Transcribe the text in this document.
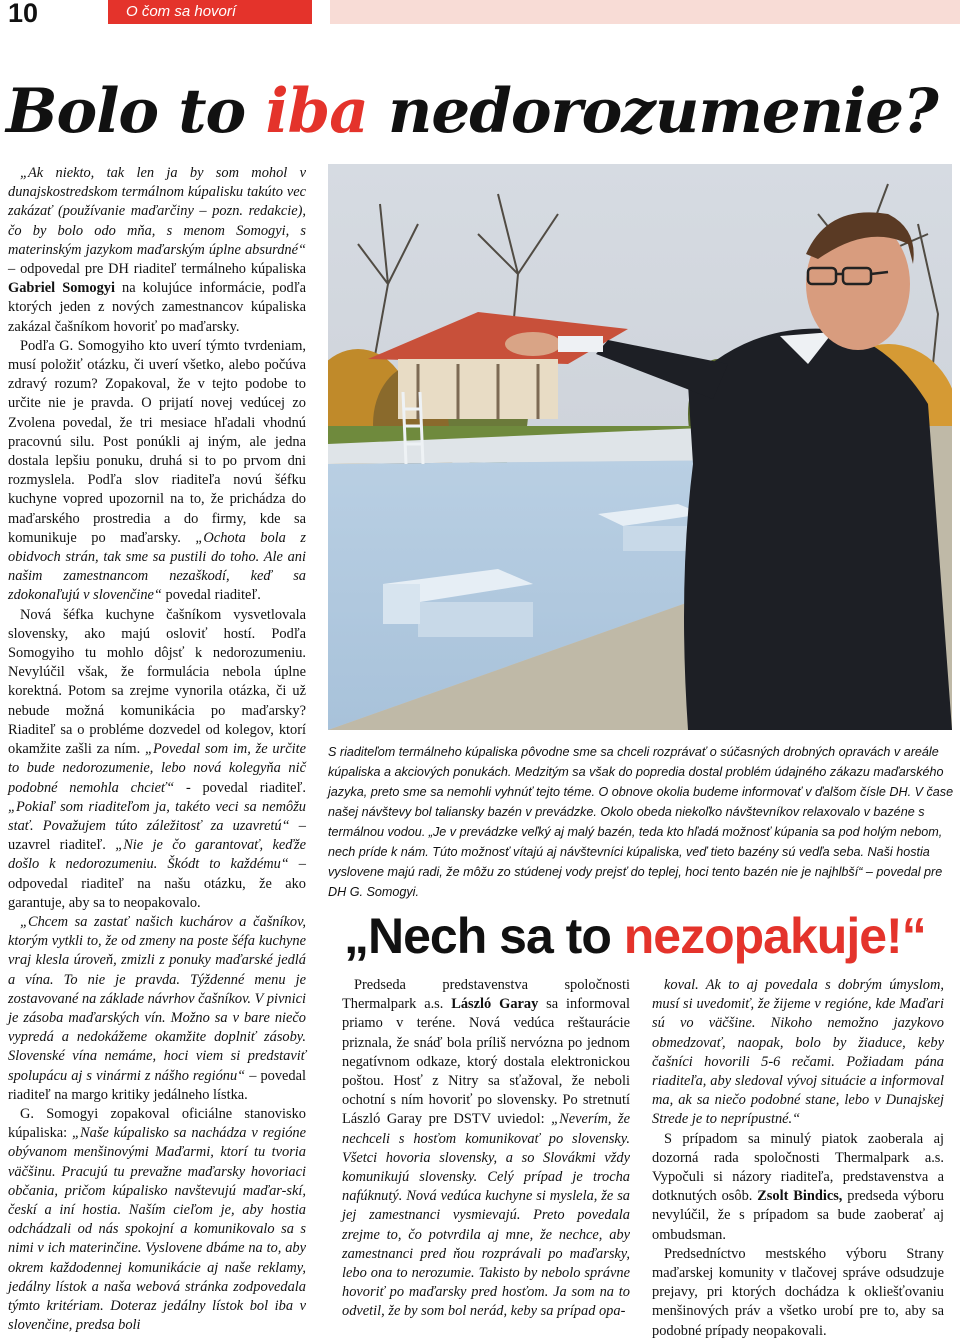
10	O čom sa hovorí
Bolo to iba nedorozumenie?

„Ak niekto, tak len ja by som mohol v dunajskostredskom termálnom kúpalisku takúto vec zakázať (používanie maďarčiny – pozn. redakcie), čo by bolo odo mňa, s menom Somogyi, s materinským jazykom maďarským úplne absurdné“ – odpovedal pre DH riaditeľ termálneho kúpaliska Gabriel Somogyi na kolujúce informácie, podľa ktorých jeden z nových zamestnancov kúpaliska zakázal čašníkom hovoriť po maďarsky.

Podľa G. Somogyiho kto uverí týmto tvrdeniam, musí položiť otázku, či uverí všetko, alebo počúva zdravý rozum? Zopakoval, že v tejto podobe to určite nie je pravda. O prijatí novej vedúcej zo Zvolena povedal, že tri mesiace hľadali vhodnú pracovnú silu. Post ponúkli aj iným, ale jedna dostala lepšiu ponuku, druhá si to po prvom dni rozmyslela. Podľa slov riaditeľa novú šéfku kuchyne vopred upozornil na to, že prichádza do maďarského prostredia a do firmy, kde sa komunikuje po maďarsky. „Ochota bola z obidvoch strán, tak sme sa pustili do toho. Ale ani našim zamestnancom nezaškodí, keď sa zdokonaľujú v slovenčine“ povedal riaditeľ.

Nová šéfka kuchyne čašníkom vysvetlovala slovensky, ako majú osloviť hostí. Podľa Somogyiho tu mohlo dôjsť k nedorozumeniu. Nevylúčil však, že formulácia nebola úplne korektná. Potom sa zrejme vynorila otázka, či už nebude možná komunikácia po maďarsky? Riaditeľ sa o probléme dozvedel od kolegov, ktorí okamžite zašli za ním. „Povedal som im, že určite to bude nedorozumenie, lebo nová kolegyňa nič podobné nemohla chcieť“ - povedal riaditeľ. „Pokiaľ som riaditeľom ja, takéto veci sa nemôžu stať. Považujem túto záležitosť za uzavretú“ – uzavrel riaditeľ. „Nie je čo garantovať, keďže došlo k nedorozumeniu. Škódt to každému“ – odpovedal riaditeľ na našu otázku, že ako garantuje, aby sa to neopakovalo.

„Chcem sa zastať našich kuchárov a čašníkov, ktorým vytkli to, že od zmeny na poste šéfa kuchyne vraj klesla úroveň, zmizli z ponuky maďarské jedlá a vína. To nie je pravda. Týždenné menu je zostavované na základe návrhov čašníkov. V pivnici je zásoba maďarských vín. Možno sa v bare niečo vypredá a nedokážeme okamžite doplniť zásoby. Slovenské vína nemáme, hoci viem si predstaviť spolupácu aj s vinármi z nášho regiónu“ – povedal riaditeľ na margo kritiky jedálneho lístka.

G. Somogyi zopakoval oficiálne stanovisko kúpaliska: „Naše kúpalisko sa nachádza v regióne obývanom menšinovými Maďarmi, ktorí tu tvoria väčšinu. Pracujú tu prevažne maďarsky hovoriaci občania, pričom kúpalisko navštevujú maďar-skí, českí a iní hostia. Naším cieľom je, aby hostia odchádzali od nás spokojní a komunikovalo sa s nimi v ich materinčine. Vyslovene dbáme na to, aby okrem každodennej komunikácie aj naše reklamy, jedálny lístok a naša webová stránka zodpovedala týmto kritériam. Doteraz jedálny lístok bol iba v slovenčine, predsa boli

S riaditeľom termálneho kúpaliska pôvodne sme sa chceli rozprávať o súčasných drobných opravách v areále kúpaliska a akciových ponukách. Medzitým sa však do popredia dostal problém údajného zákazu maďarského jazyka, preto sme sa nemohli vyhnúť tejto téme. O obnove okolia budeme informovať v ďalšom čísle DH. V čase našej návštevy bol taliansky bazén v prevádzke. Okolo obeda niekoľko návštevníkov relaxovalo v bazéne s termálnou vodou. „Je v prevádzke veľký aj malý bazén, teda kto hľadá možnosť kúpania sa pod holým nebom, nech príde k nám. Túto možnosť vítajú aj návštevníci kúpaliska, veď tieto bazény sú vedľa seba. Naši hostia vyslovene majú radi, že môžu zo stúdenej vody prejsť do teplej, hoci tento bazén nie je najhlbší“ – povedal pre DH G. Somogyi.
„Nech sa to nezopakuje!“

Predseda predstavenstva spoločnosti Thermalpark a.s. László Garay sa informoval priamo v teréne. Nová vedúca reštaurácie priznala, že snáď bola príliš nervózna po jednom negatívnom odkaze, ktorý dostala elektronickou poštou. Hosť z Nitry sa sťažoval, že neboli ochotní s ním hovoriť po slovensky. Po stretnutí László Garay pre DSTV uviedol: „Neverím, že nechceli s hosťom komunikovať po slovensky. Všetci hovoria slovensky, a so Slovákmi vždy komunikujú slovensky. Celý prípad je trocha nafúknutý. Nová vedúca kuchyne si myslela, že sa jej zamestnanci vysmievajú. Preto povedala zrejme to, čo potvrdila aj mne, že nechce, aby zamestnanci pred ňou rozprávali po maďarsky, lebo ona to nerozumie. Takisto by nebolo správne hovoriť po maďarsky pred hosťom. Ja som na to odvetil, že by som bol nerád, keby sa prípad opa-

koval. Ak to aj povedala s dobrým úmyslom, musí si uvedomiť, že žijeme v regióne, kde Maďari sú vo väčšine. Nikoho nemožno jazykovo obmedzovať, naopak, bolo by žiaduce, keby čašníci hovorili 5-6 rečami. Požiadam pána riaditeľa, aby sledoval vývoj situácie a informoval ma, ak sa niečo podobné stane, lebo v Dunajskej Strede je to neprípustné.“

S prípadom sa minulý piatok zaoberala aj dozorná rada spoločnosti Thermalpark a.s. Vypočuli si názory riaditeľa, predstavenstva a dotknutých osôb. Zsolt Bindics, predseda výboru nevylúčil, že s prípadom sa bude zaoberať aj ombudsman.

Predsedníctvo mestského výboru Strany maďarskej komunity v tlačovej správe odsudzuje prejavy, pri ktorých dochádza k okliešťovaniu menšinových práv a všetko urobí pre to, aby sa podobné prípady neopakovali.
